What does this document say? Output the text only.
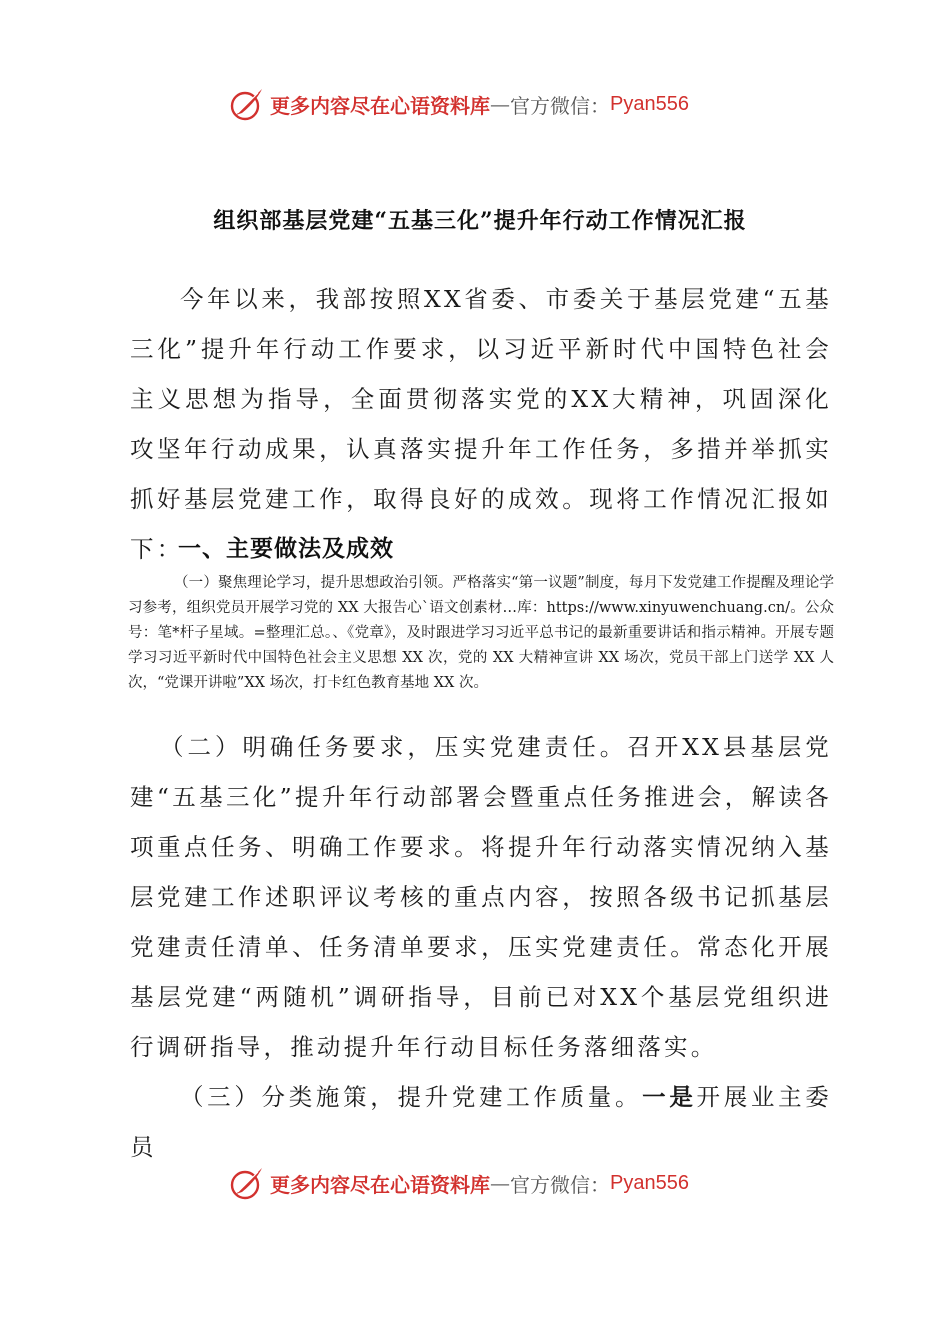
更多内容尽在心语资料库 — 官方微信： Pyan556
组织部基层党建“五基三化”提升年行动工作情况汇报

今年以来，我部按照XX省委、市委关于基层党建“五基三化”提升年行动工作要求，以习近平新时代中国特色社会主义思想为指导，全面贯彻落实党的XX大精神，巩固深化攻坚年行动成果，认真落实提升年工作任务，多措并举抓实抓好基层党建工作，取得良好的成效。现将工作情况汇报如下：

一、主要做法及成效

（一）聚焦理论学习，提升思想政治引领。严格落实“第一议题”制度，每月下发党建工作提醒及理论学习参考，组织党员开展学习党的 XX 大报告心`语文创素材…库：https://www.xinyuwenchuang.cn/。公众号：笔*杆子星域。=整理汇总。、《党章》，及时跟进学习习近平总书记的最新重要讲话和指示精神。开展专题学习习近平新时代中国特色社会主义思想 XX 次，党的 XX 大精神宣讲 XX 场次，党员干部上门送学 XX 人次，“党课开讲啦”XX 场次，打卡红色教育基地 XX 次。

（二）明确任务要求，压实党建责任。召开XX县基层党建“五基三化”提升年行动部署会暨重点任务推进会，解读各项重点任务、明确工作要求。将提升年行动落实情况纳入基层党建工作述职评议考核的重点内容，按照各级书记抓基层党建责任清单、任务清单要求，压实党建责任。常态化开展基层党建“两随机”调研指导，目前已对XX个基层党组织进行调研指导，推动提升年行动目标任务落细落实。

（三）分类施策，提升党建工作质量。一是开展业主委员

更多内容尽在心语资料库 — 官方微信： Pyan556
